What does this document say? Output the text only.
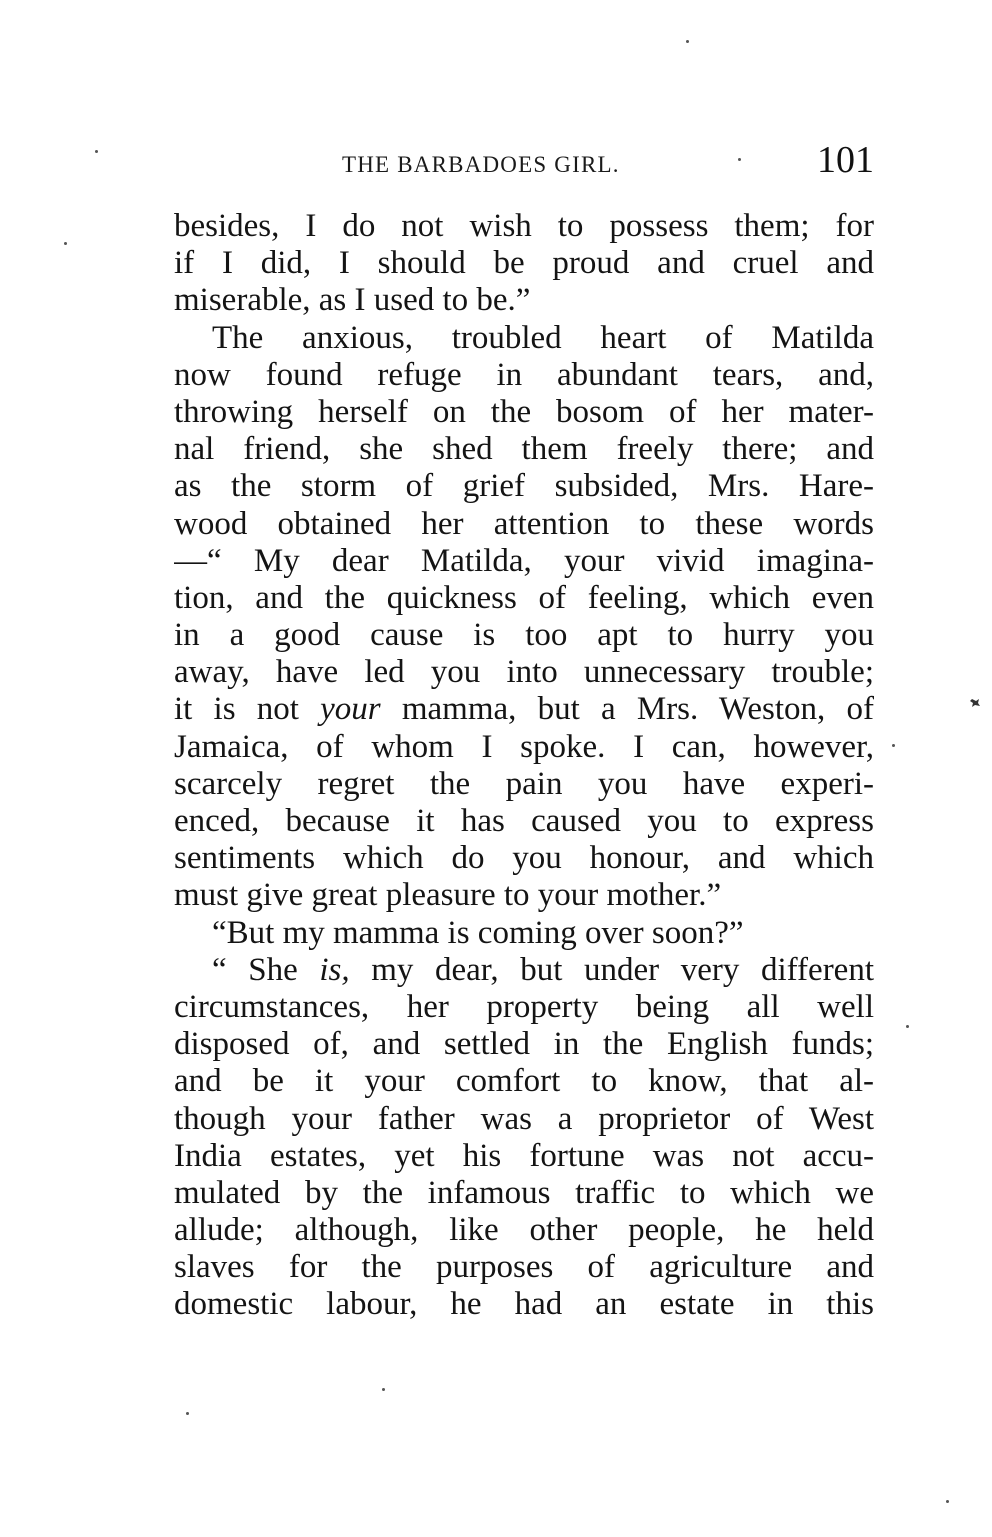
THE BARBADOES GIRL.	101
besides, I do not wish to possess them; for
if I did, I should be proud and cruel and
miserable, as I used to be.”
The anxious, troubled heart of Matilda
now found refuge in abundant tears, and,
throwing herself on the bosom of her mater-
nal friend, she shed them freely there; and
as the storm of grief subsided, Mrs. Hare-
wood obtained her attention to these words
—“ My dear Matilda, your vivid imagina-
tion, and the quickness of feeling, which even
in a good cause is too apt to hurry you
away, have led you into unnecessary trouble;
it is not your mamma, but a Mrs. Weston, of
Jamaica, of whom I spoke. I can, however,
scarcely regret the pain you have experi-
enced, because it has caused you to express
sentiments which do you honour, and which
must give great pleasure to your mother.”
“But my mamma is coming over soon?”
“ She is, my dear, but under very different
circumstances, her property being all well
disposed of, and settled in the English funds;
and be it your comfort to know, that al-
though your father was a proprietor of West
India estates, yet his fortune was not accu-
mulated by the infamous traffic to which we
allude; although, like other people, he held
slaves for the purposes of agriculture and
domestic labour, he had an estate in this
